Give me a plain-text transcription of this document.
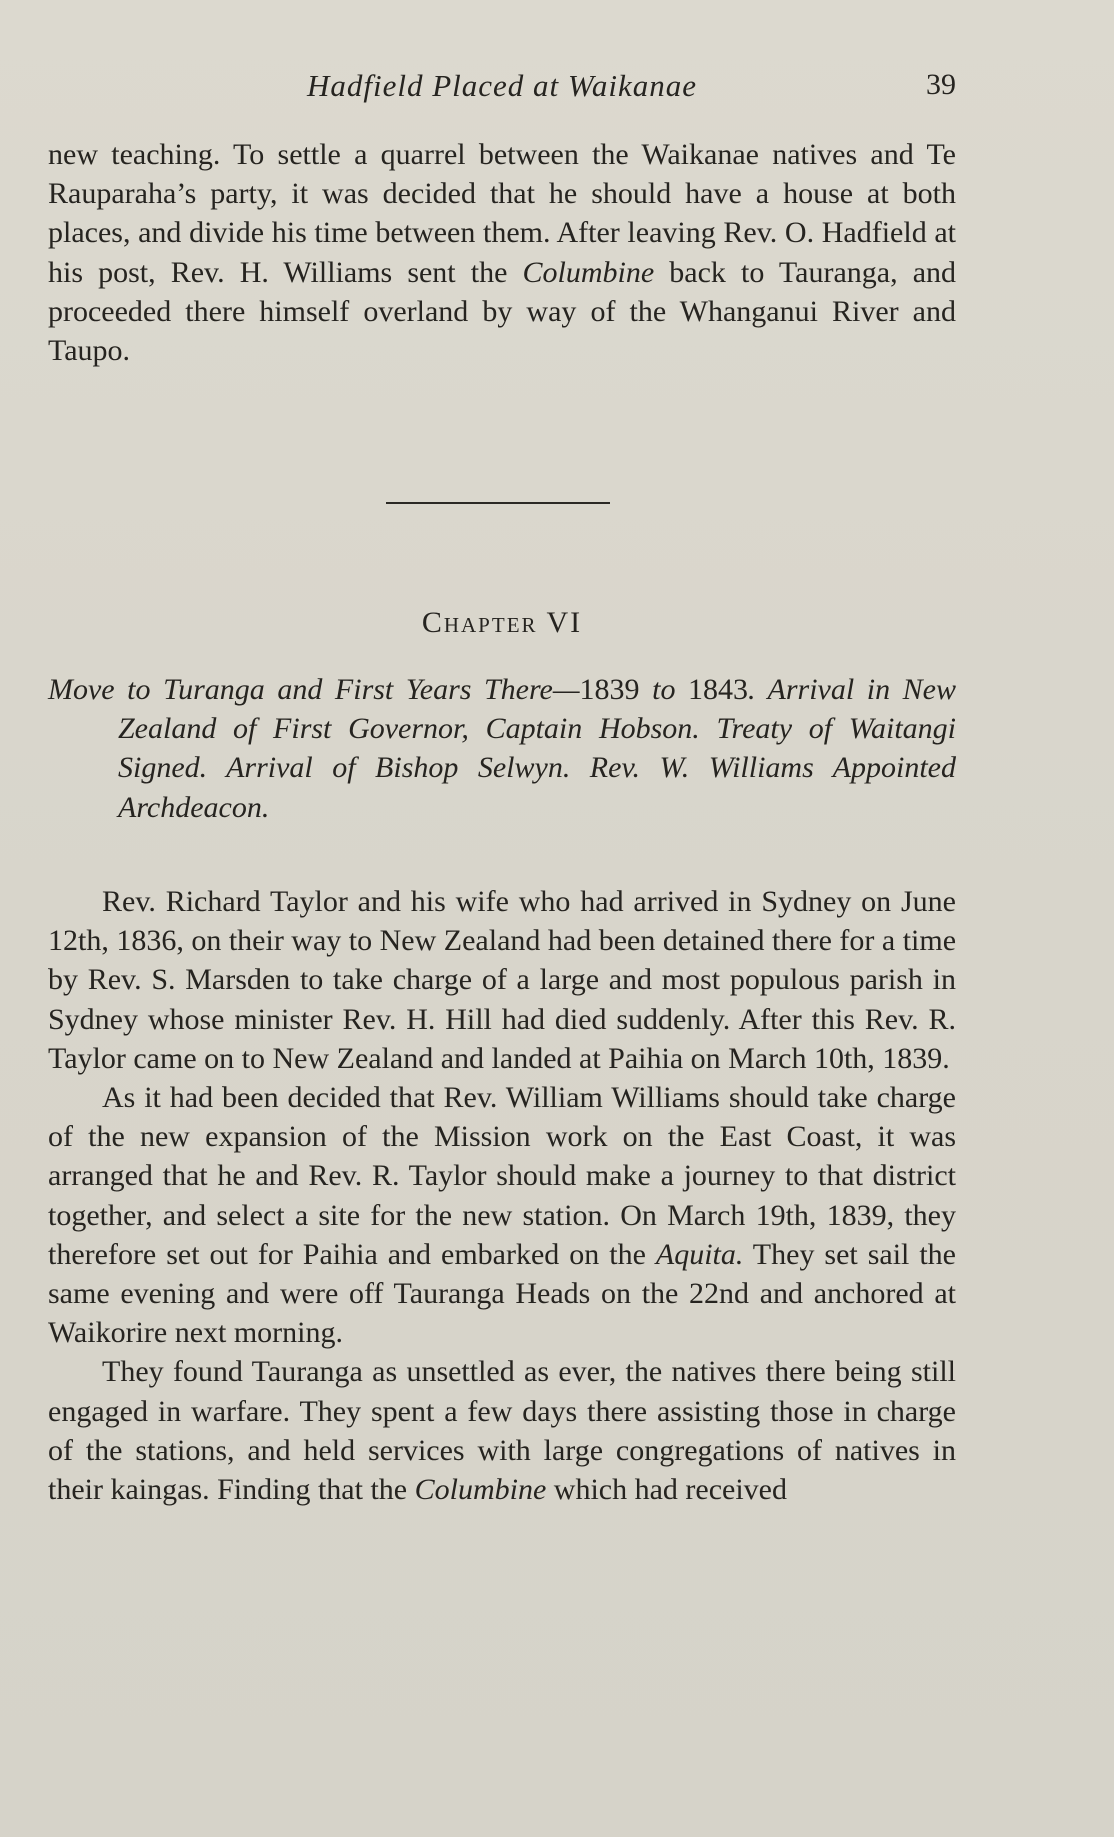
Hadfield Placed at Waikanae	39

new teaching. To settle a quarrel between the Waikanae natives and Te Rauparaha’s party, it was decided that he should have a house at both places, and divide his time between them. After leaving Rev. O. Hadfield at his post, Rev. H. Williams sent the Columbine back to Tauranga, and proceeded there himself overland by way of the Whanganui River and Taupo.

Chapter VI
Move to Turanga and First Years There—1839 to 1843. Arrival in New Zealand of First Governor, Captain Hobson. Treaty of Waitangi Signed. Arrival of Bishop Selwyn. Rev. W. Williams Appointed Archdeacon.

Rev. Richard Taylor and his wife who had arrived in Sydney on June 12th, 1836, on their way to New Zealand had been detained there for a time by Rev. S. Marsden to take charge of a large and most populous parish in Sydney whose minister Rev. H. Hill had died suddenly. After this Rev. R. Taylor came on to New Zealand and landed at Paihia on March 10th, 1839.

As it had been decided that Rev. William Williams should take charge of the new expansion of the Mission work on the East Coast, it was arranged that he and Rev. R. Taylor should make a journey to that district together, and select a site for the new station. On March 19th, 1839, they therefore set out for Paihia and embarked on the Aquita. They set sail the same evening and were off Tauranga Heads on the 22nd and anchored at Waikorire next morning.

They found Tauranga as unsettled as ever, the natives there being still engaged in warfare. They spent a few days there assisting those in charge of the stations, and held services with large congregations of natives in their kaingas. Finding that the Columbine which had received
